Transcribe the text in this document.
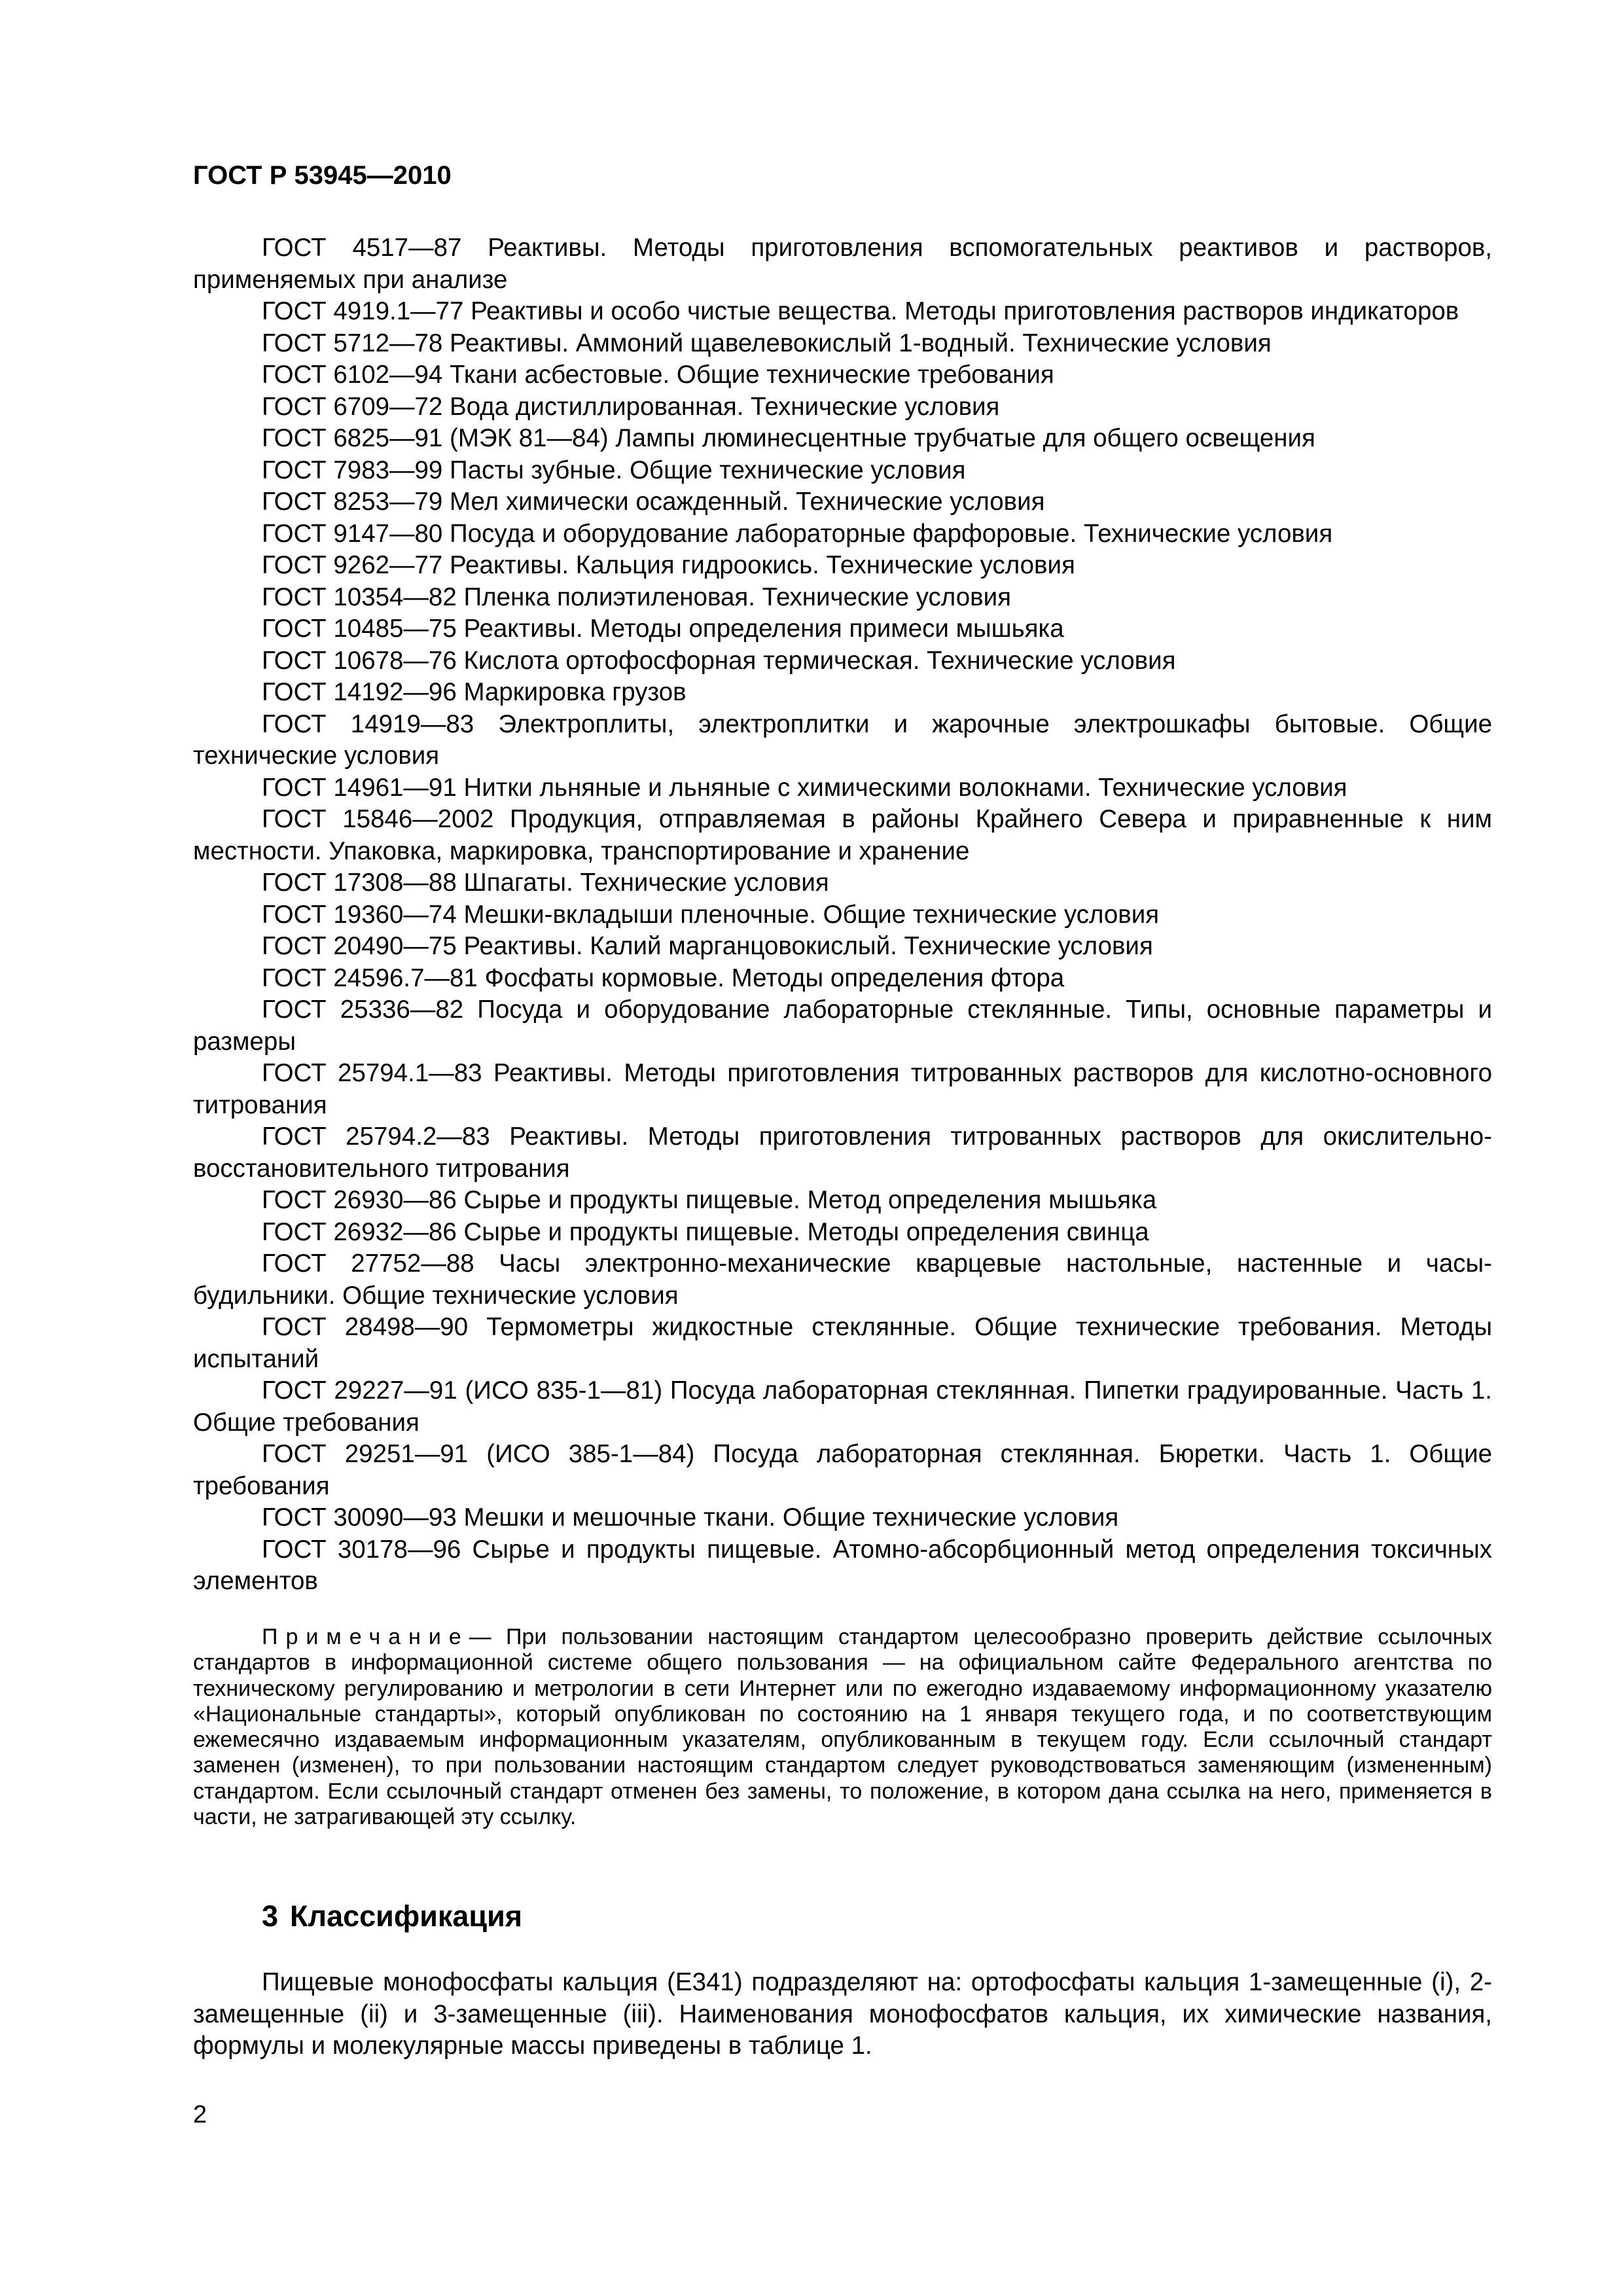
ГОСТ Р 53945—2010

ГОСТ 4517—87 Реактивы. Методы приготовления вспомогательных реактивов и растворов, применяемых при анализе

ГОСТ 4919.1—77 Реактивы и особо чистые вещества. Методы приготовления растворов индикаторов

ГОСТ 5712—78 Реактивы. Аммоний щавелевокислый 1-водный. Технические условия

ГОСТ 6102—94 Ткани асбестовые. Общие технические требования

ГОСТ 6709—72 Вода дистиллированная. Технические условия

ГОСТ 6825—91 (МЭК 81—84) Лампы люминесцентные трубчатые для общего освещения

ГОСТ 7983—99 Пасты зубные. Общие технические условия

ГОСТ 8253—79 Мел химически осажденный. Технические условия

ГОСТ 9147—80 Посуда и оборудование лабораторные фарфоровые. Технические условия

ГОСТ 9262—77 Реактивы. Кальция гидроокись. Технические условия

ГОСТ 10354—82 Пленка полиэтиленовая. Технические условия

ГОСТ 10485—75 Реактивы. Методы определения примеси мышьяка

ГОСТ 10678—76 Кислота ортофосфорная термическая. Технические условия

ГОСТ 14192—96 Маркировка грузов

ГОСТ 14919—83 Электроплиты, электроплитки и жарочные электрошкафы бытовые. Общие технические условия

ГОСТ 14961—91 Нитки льняные и льняные с химическими волокнами. Технические условия

ГОСТ 15846—2002 Продукция, отправляемая в районы Крайнего Севера и приравненные к ним местности. Упаковка, маркировка, транспортирование и хранение

ГОСТ 17308—88 Шпагаты. Технические условия

ГОСТ 19360—74 Мешки-вкладыши пленочные. Общие технические условия

ГОСТ 20490—75 Реактивы. Калий марганцовокислый. Технические условия

ГОСТ 24596.7—81 Фосфаты кормовые. Методы определения фтора

ГОСТ 25336—82 Посуда и оборудование лабораторные стеклянные. Типы, основные параметры и размеры

ГОСТ 25794.1—83 Реактивы. Методы приготовления титрованных растворов для кислотно-основного титрования

ГОСТ 25794.2—83 Реактивы. Методы приготовления титрованных растворов для окислительно-восстановительного титрования

ГОСТ 26930—86 Сырье и продукты пищевые. Метод определения мышьяка

ГОСТ 26932—86 Сырье и продукты пищевые. Методы определения свинца

ГОСТ 27752—88 Часы электронно-механические кварцевые настольные, настенные и часы-будильники. Общие технические условия

ГОСТ 28498—90 Термометры жидкостные стеклянные. Общие технические требования. Методы испытаний

ГОСТ 29227—91 (ИСО 835-1—81) Посуда лабораторная стеклянная. Пипетки градуированные. Часть 1. Общие требования

ГОСТ 29251—91 (ИСО 385-1—84) Посуда лабораторная стеклянная. Бюретки. Часть 1. Общие требования

ГОСТ 30090—93 Мешки и мешочные ткани. Общие технические условия

ГОСТ 30178—96 Сырье и продукты пищевые. Атомно-абсорбционный метод определения токсичных элементов

Примечание— При пользовании настоящим стандартом целесообразно проверить действие ссылочных стандартов в информационной системе общего пользования — на официальном сайте Федерального агентства по техническому регулированию и метрологии в сети Интернет или по ежегодно издаваемому информационному указателю «Национальные стандарты», который опубликован по состоянию на 1 января текущего года, и по соответствующим ежемесячно издаваемым информационным указателям, опубликованным в текущем году. Если ссылочный стандарт заменен (изменен), то при пользовании настоящим стандартом следует руководствоваться заменяющим (измененным) стандартом. Если ссылочный стандарт отменен без замены, то положение, в котором дана ссылка на него, применяется в части, не затрагивающей эту ссылку.

3 Классификация

Пищевые монофосфаты кальция (Е341) подразделяют на: ортофосфаты кальция 1-замещенные (i), 2-замещенные (ii) и 3-замещенные (iii). Наименования монофосфатов кальция, их химические названия, формулы и молекулярные массы приведены в таблице 1.

2
